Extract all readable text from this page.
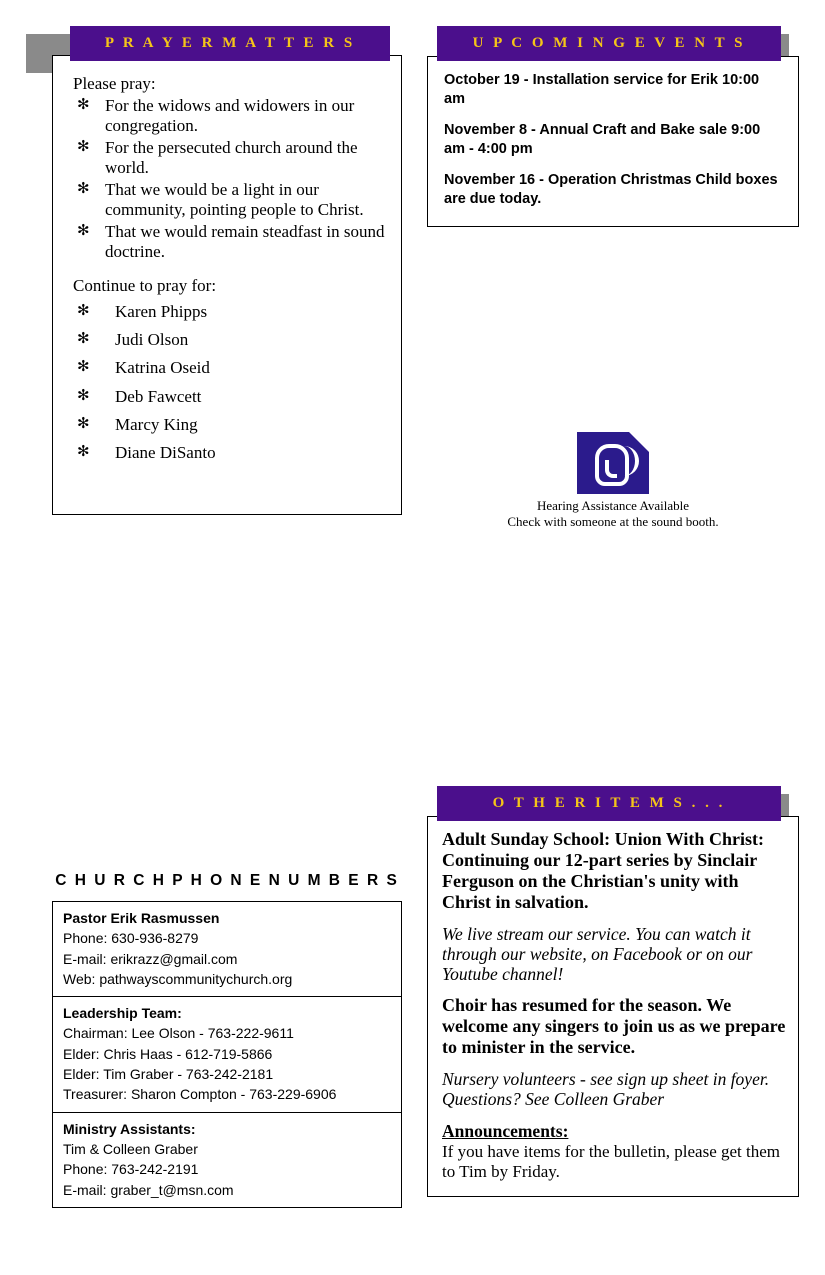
P R A Y E R M A T T E R S

Please pray:

✻ For the widows and widowers in our congregation.
✻ For the persecuted church around the world.
✻ That we would be a light in our community, pointing people to Christ.
✻ That we would remain steadfast in sound doctrine.

Continue to pray for:

✻ Karen Phipps
✻ Judi Olson
✻ Katrina Oseid
✻ Deb Fawcett
✻ Marcy King
✻ Diane DiSanto
U P C O M I N G E V E N T S
October 19 - Installation service for Erik 10:00 am
November 8 - Annual Craft and Bake sale 9:00 am - 4:00 pm
November 16 - Operation Christmas Child boxes are due today.
Hearing Assistance Available
Check with someone at the sound booth.
C H U R C H P H O N E N U M B E R S
Pastor Erik Rasmussen
Phone: 630-936-8279
E-mail: erikrazz@gmail.com
Web: pathwayscommunitychurch.org
Leadership Team:
Chairman: Lee Olson - 763-222-9611
Elder: Chris Haas - 612-719-5866
Elder: Tim Graber - 763-242-2181
Treasurer: Sharon Compton - 763-229-6906
Ministry Assistants:
Tim & Colleen Graber
Phone: 763-242-2191
E-mail: graber_t@msn.com
O T H E R I T E M S . . .
Adult Sunday School: Union With Christ: Continuing our 12-part series by Sinclair Ferguson on the Christian's unity with Christ in salvation.
We live stream our service. You can watch it through our website, on Facebook or on our Youtube channel!
Choir has resumed for the season. We welcome any singers to join us as we prepare to minister in the service.
Nursery volunteers - see sign up sheet in foyer. Questions? See Colleen Graber
Announcements:
If you have items for the bulletin, please get them to Tim by Friday.
